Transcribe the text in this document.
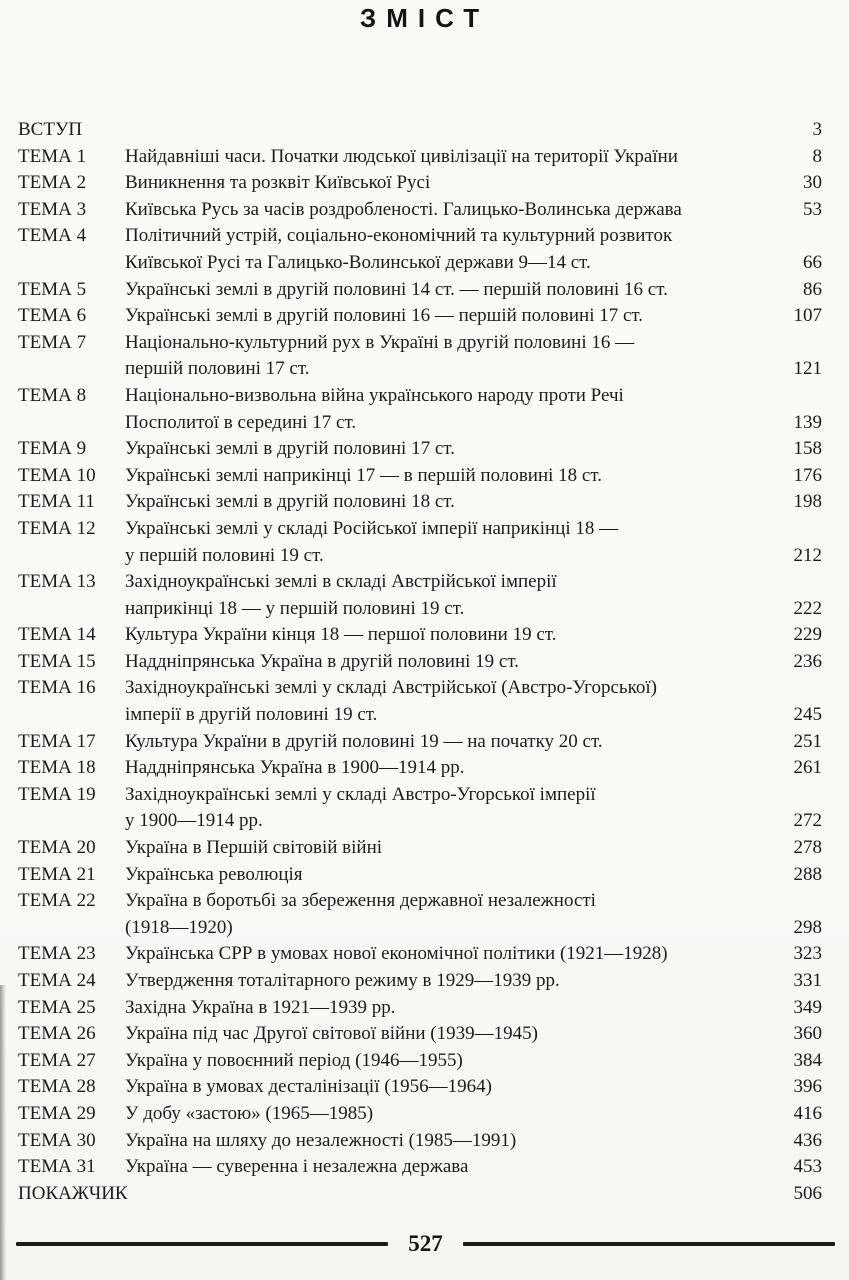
ЗМІСТ
ВСТУП	3
ТЕМА 1	Найдавніші часи. Початки людської цивілізації на території України	8
ТЕМА 2	Виникнення та розквіт Київської Русі	30
ТЕМА 3	Київська Русь за часів роздробленості. Галицько-Волинська держава	53
ТЕМА 4	Політичний устрій, соціально-економічний та культурний розвиток
Київської Русі та Галицько-Волинської держави 9—14 ст.	66
ТЕМА 5	Українські землі в другій половині 14 ст. — першій половині 16 ст.	86
ТЕМА 6	Українські землі в другій половині 16 — першій половині 17 ст.	107
ТЕМА 7	Національно-культурний рух в Україні в другій половині 16 —
першій половині 17 ст.	121
ТЕМА 8	Національно-визвольна війна українського народу проти Речі
Посполитої в середині 17 ст.	139
ТЕМА 9	Українські землі в другій половині 17 ст.	158
ТЕМА 10	Українські землі наприкінці 17 — в першій половині 18 ст.	176
ТЕМА 11	Українські землі в другій половині 18 ст.	198
ТЕМА 12	Українські землі у складі Російської імперії наприкінці 18 —
у першій половині 19 ст.	212
ТЕМА 13	Західноукраїнські землі в складі Австрійської імперії
наприкінці 18 — у першій половині 19 ст.	222
ТЕМА 14	Культура України кінця 18 — першої половини 19 ст.	229
ТЕМА 15	Наддніпрянська Україна в другій половині 19 ст.	236
ТЕМА 16	Західноукраїнські землі у складі Австрійської (Австро-Угорської)
імперії в другій половині 19 ст.	245
ТЕМА 17	Культура України в другій половині 19 — на початку 20 ст.	251
ТЕМА 18	Наддніпрянська Україна в 1900—1914 рр.	261
ТЕМА 19	Західноукраїнські землі у складі Австро-Угорської імперії
у 1900—1914 рр.	272
ТЕМА 20	Україна в Першій світовій війні	278
ТЕМА 21	Українська революція	288
ТЕМА 22	Україна в боротьбі за збереження державної незалежності
(1918—1920)	298
ТЕМА 23	Українська СРР в умовах нової економічної політики (1921—1928)	323
ТЕМА 24	Утвердження тоталітарного режиму в 1929—1939 рр.	331
ТЕМА 25	Західна Україна в 1921—1939 рр.	349
ТЕМА 26	Україна під час Другої світової війни (1939—1945)	360
ТЕМА 27	Україна у повоєнний період (1946—1955)	384
ТЕМА 28	Україна в умовах десталінізації (1956—1964)	396
ТЕМА 29	У добу «застою» (1965—1985)	416
ТЕМА 30	Україна на шляху до незалежності (1985—1991)	436
ТЕМА 31	Україна — суверенна і незалежна держава	453
ПОКАЖЧИК	506
527
